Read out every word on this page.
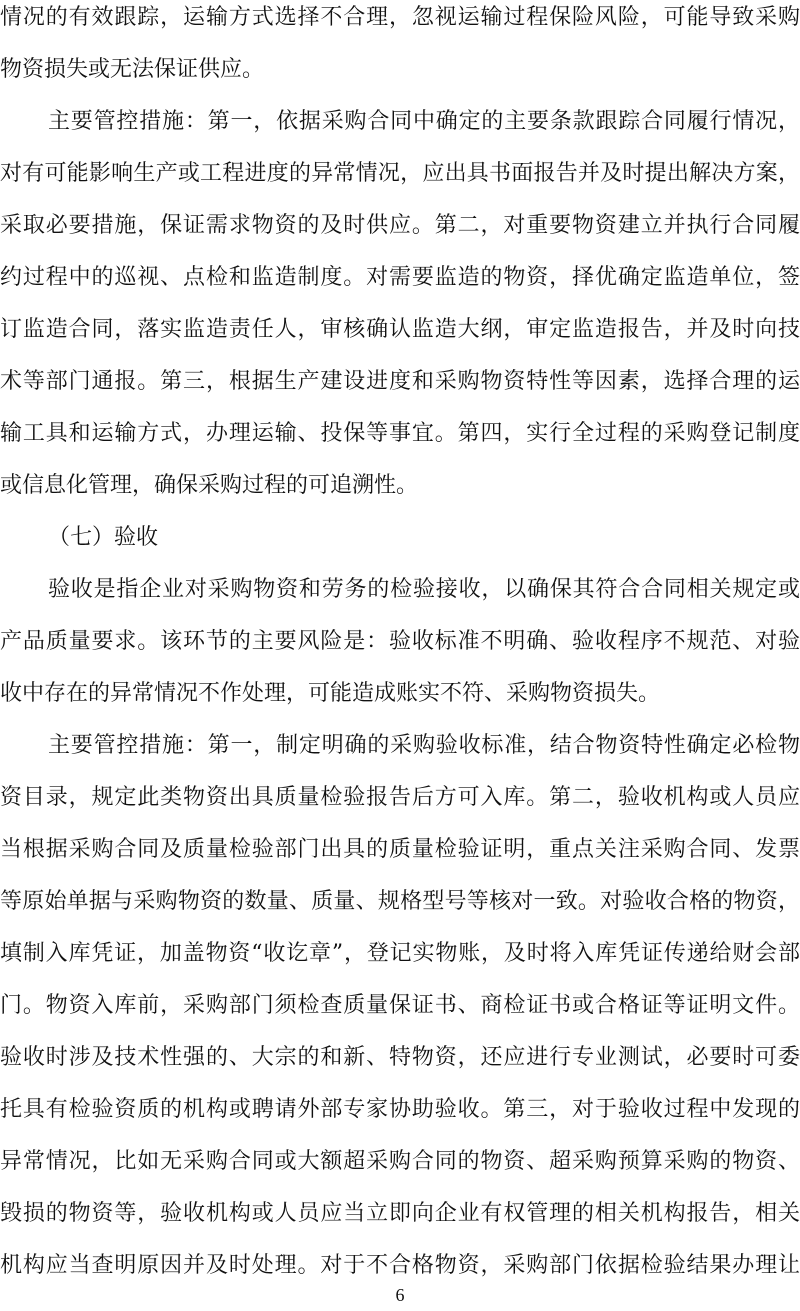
情况的有效跟踪，运输方式选择不合理，忽视运输过程保险风险，可能导致采购
物资损失或无法保证供应。
主要管控措施：第一，依据采购合同中确定的主要条款跟踪合同履行情况，
对有可能影响生产或工程进度的异常情况，应出具书面报告并及时提出解决方案，
采取必要措施，保证需求物资的及时供应。第二，对重要物资建立并执行合同履
约过程中的巡视、点检和监造制度。对需要监造的物资，择优确定监造单位，签
订监造合同，落实监造责任人，审核确认监造大纲，审定监造报告，并及时向技
术等部门通报。第三，根据生产建设进度和采购物资特性等因素，选择合理的运
输工具和运输方式，办理运输、投保等事宜。第四，实行全过程的采购登记制度
或信息化管理，确保采购过程的可追溯性。
（七）验收
验收是指企业对采购物资和劳务的检验接收，以确保其符合合同相关规定或
产品质量要求。该环节的主要风险是：验收标准不明确、验收程序不规范、对验
收中存在的异常情况不作处理，可能造成账实不符、采购物资损失。
主要管控措施：第一，制定明确的采购验收标准，结合物资特性确定必检物
资目录，规定此类物资出具质量检验报告后方可入库。第二，验收机构或人员应
当根据采购合同及质量检验部门出具的质量检验证明，重点关注采购合同、发票
等原始单据与采购物资的数量、质量、规格型号等核对一致。对验收合格的物资，
填制入库凭证，加盖物资“收讫章”，登记实物账，及时将入库凭证传递给财会部
门。物资入库前，采购部门须检查质量保证书、商检证书或合格证等证明文件。
验收时涉及技术性强的、大宗的和新、特物资，还应进行专业测试，必要时可委
托具有检验资质的机构或聘请外部专家协助验收。第三，对于验收过程中发现的
异常情况，比如无采购合同或大额超采购合同的物资、超采购预算采购的物资、
毁损的物资等，验收机构或人员应当立即向企业有权管理的相关机构报告，相关
机构应当查明原因并及时处理。对于不合格物资，采购部门依据检验结果办理让
6
